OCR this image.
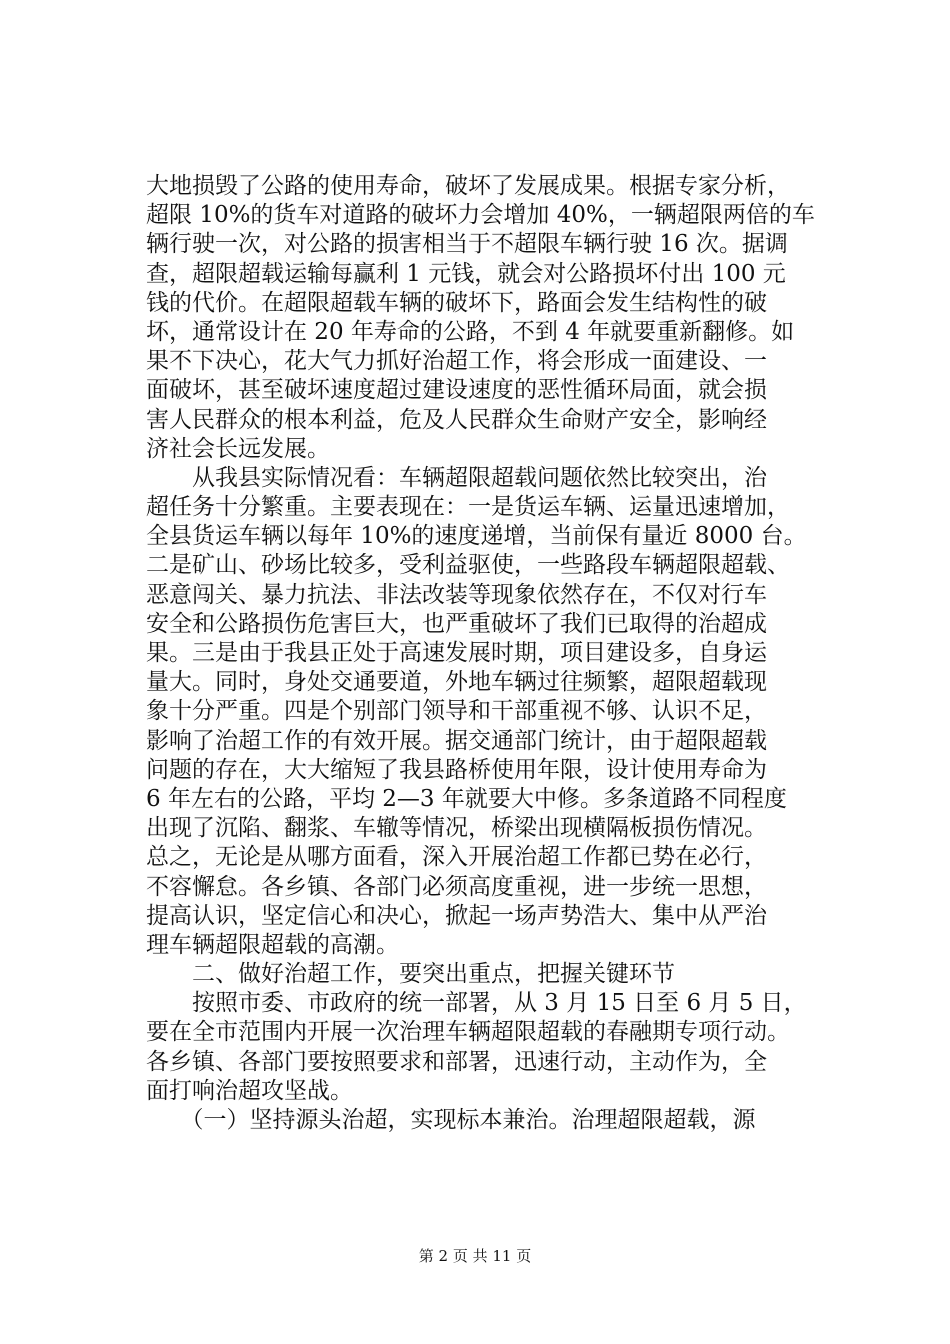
大地损毁了公路的使用寿命，破坏了发展成果。根据专家分析，
超限 10%的货车对道路的破坏力会增加 40%，一辆超限两倍的车
辆行驶一次，对公路的损害相当于不超限车辆行驶 16 次。据调
查，超限超载运输每赢利 1 元钱，就会对公路损坏付出 100 元
钱的代价。在超限超载车辆的破坏下，路面会发生结构性的破
坏，通常设计在 20 年寿命的公路，不到 4 年就要重新翻修。如
果不下决心，花大气力抓好治超工作，将会形成一面建设、一
面破坏，甚至破坏速度超过建设速度的恶性循环局面，就会损
害人民群众的根本利益，危及人民群众生命财产安全，影响经
济社会长远发展。
　　从我县实际情况看：车辆超限超载问题依然比较突出，治
超任务十分繁重。主要表现在：一是货运车辆、运量迅速增加，
全县货运车辆以每年 10%的速度递增，当前保有量近 8000 台。
二是矿山、砂场比较多，受利益驱使，一些路段车辆超限超载、
恶意闯关、暴力抗法、非法改装等现象依然存在，不仅对行车
安全和公路损伤危害巨大，也严重破坏了我们已取得的治超成
果。三是由于我县正处于高速发展时期，项目建设多，自身运
量大。同时，身处交通要道，外地车辆过往频繁，超限超载现
象十分严重。四是个别部门领导和干部重视不够、认识不足，
影响了治超工作的有效开展。据交通部门统计，由于超限超载
问题的存在，大大缩短了我县路桥使用年限，设计使用寿命为
6 年左右的公路，平均 2—3 年就要大中修。多条道路不同程度
出现了沉陷、翻浆、车辙等情况，桥梁出现横隔板损伤情况。
总之，无论是从哪方面看，深入开展治超工作都已势在必行，
不容懈怠。各乡镇、各部门必须高度重视，进一步统一思想，
提高认识，坚定信心和决心，掀起一场声势浩大、集中从严治
理车辆超限超载的高潮。
　　二、做好治超工作，要突出重点，把握关键环节
　　按照市委、市政府的统一部署，从 3 月 15 日至 6 月 5 日，
要在全市范围内开展一次治理车辆超限超载的春融期专项行动。
各乡镇、各部门要按照要求和部署，迅速行动，主动作为，全
面打响治超攻坚战。
　　（一）坚持源头治超，实现标本兼治。治理超限超载，源
第 2 页 共 11 页
